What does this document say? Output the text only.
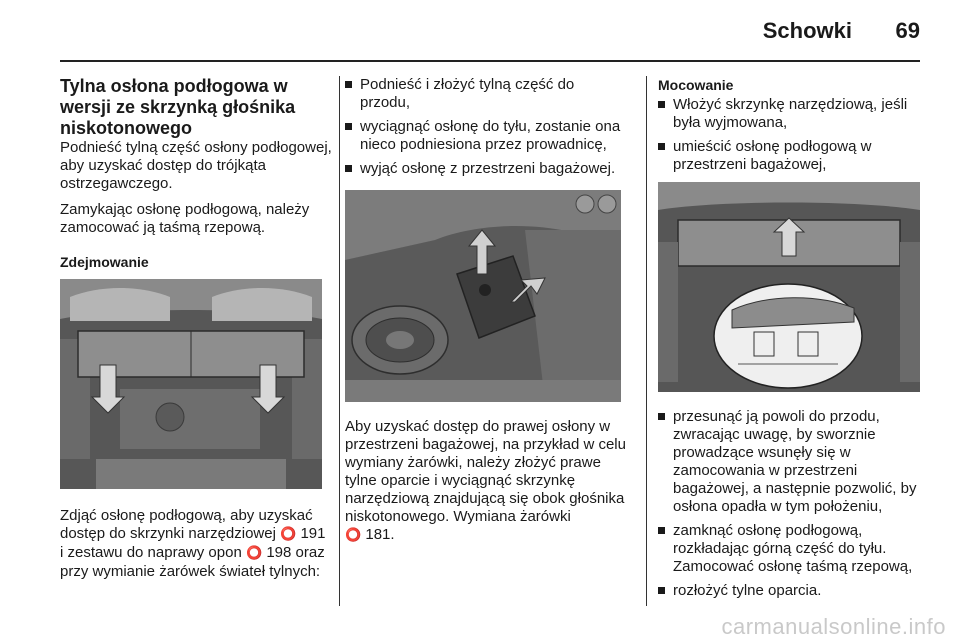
Schowki 69
Tylna osłona podłogowa w wersji ze skrzynką głośnika niskotonowego

Podnieść tylną część osłony podłogowej, aby uzyskać dostęp do trójkąta ostrzegawczego.

Zamykając osłonę podłogową, należy zamocować ją taśmą rzepową.

Zdejmowanie

Zdjąć osłonę podłogową, aby uzyskać dostęp do skrzynki narzędziowej ⭕ 191 i zestawu do naprawy opon ⭕ 198 oraz przy wymianie żarówek świateł tylnych:

Podnieść i złożyć tylną część do przodu,
wyciągnąć osłonę do tyłu, zostanie ona nieco podniesiona przez prowadnicę,
wyjąć osłonę z przestrzeni bagażowej.

Aby uzyskać dostęp do prawej osłony w przestrzeni bagażowej, na przykład w celu wymiany żarówki, należy złożyć prawe tylne oparcie i wyciągnąć skrzynkę narzędziową znajdującą się obok głośnika niskotonowego. Wymiana żarówki
⭕ 181.

Mocowanie
Włożyć skrzynkę narzędziową, jeśli była wyjmowana,
umieścić osłonę podłogową w przestrzeni bagażowej,
przesunąć ją powoli do przodu, zwracając uwagę, by sworznie prowadzące wsunęły się w zamocowania w przestrzeni bagażowej, a następnie pozwolić, by osłona opadła w tym położeniu,
zamknąć osłonę podłogową, rozkładając górną część do tyłu. Zamocować osłonę taśmą rzepową,
rozłożyć tylne oparcia.
carmanualsonline.info
